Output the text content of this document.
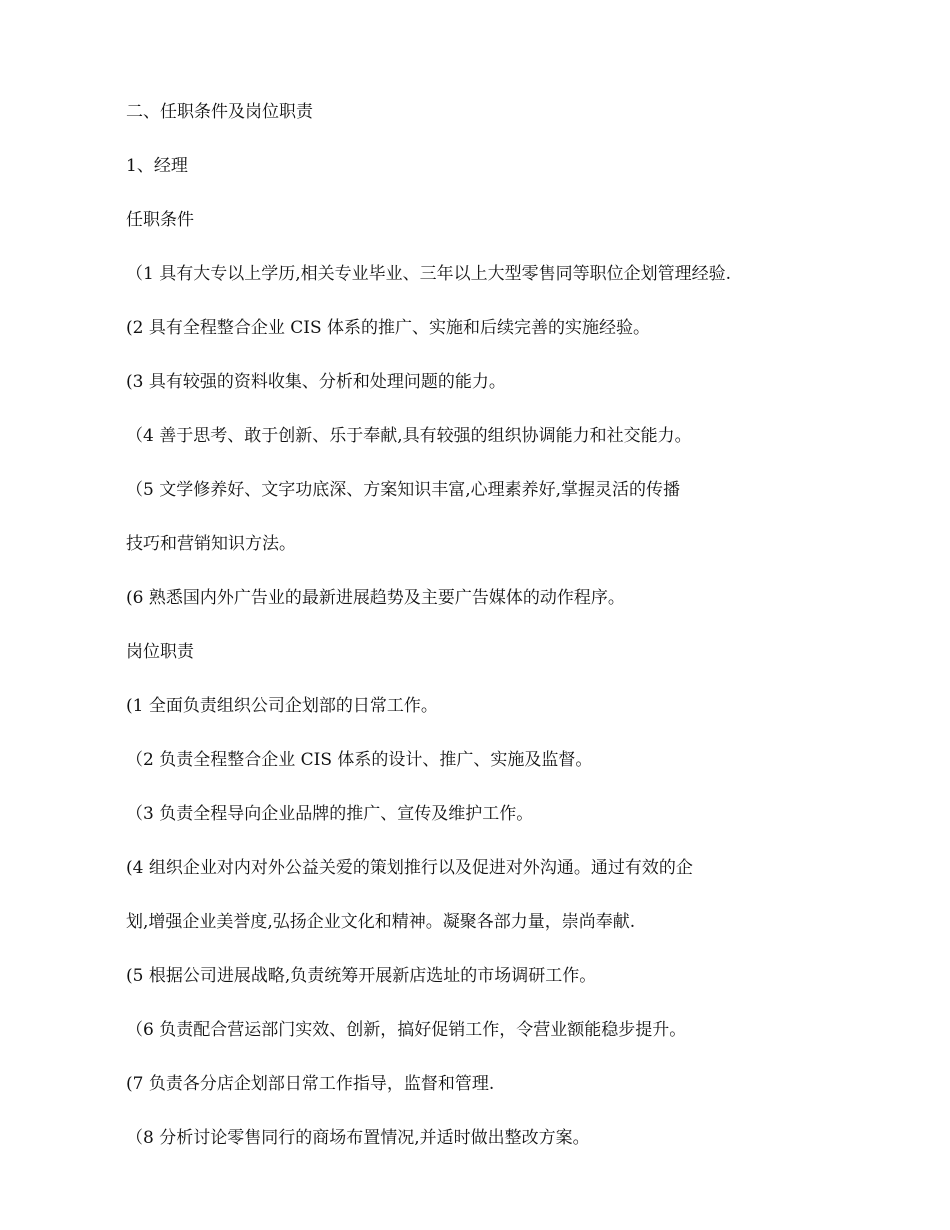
二、任职条件及岗位职责
1、经理
任职条件
（1 具有大专以上学历,相关专业毕业、三年以上大型零售同等职位企划管理经验.
(2 具有全程整合企业 CIS 体系的推广、实施和后续完善的实施经验。
(3 具有较强的资料收集、分析和处理问题的能力。
（4 善于思考、敢于创新、乐于奉献,具有较强的组织协调能力和社交能力。
（5 文学修养好、文字功底深、方案知识丰富,心理素养好,掌握灵活的传播
技巧和营销知识方法。
(6 熟悉国内外广告业的最新进展趋势及主要广告媒体的动作程序。
岗位职责
(1 全面负责组织公司企划部的日常工作。
（2 负责全程整合企业 CIS 体系的设计、推广、实施及监督。
（3 负责全程导向企业品牌的推广、宣传及维护工作。
(4 组织企业对内对外公益关爱的策划推行以及促进对外沟通。通过有效的企
划,增强企业美誉度,弘扬企业文化和精神。凝聚各部力量，崇尚奉献.
(5 根据公司进展战略,负责统筹开展新店选址的市场调研工作。
（6 负责配合营运部门实效、创新，搞好促销工作，令营业额能稳步提升。
(7 负责各分店企划部日常工作指导，监督和管理.
（8 分析讨论零售同行的商场布置情况,并适时做出整改方案。
